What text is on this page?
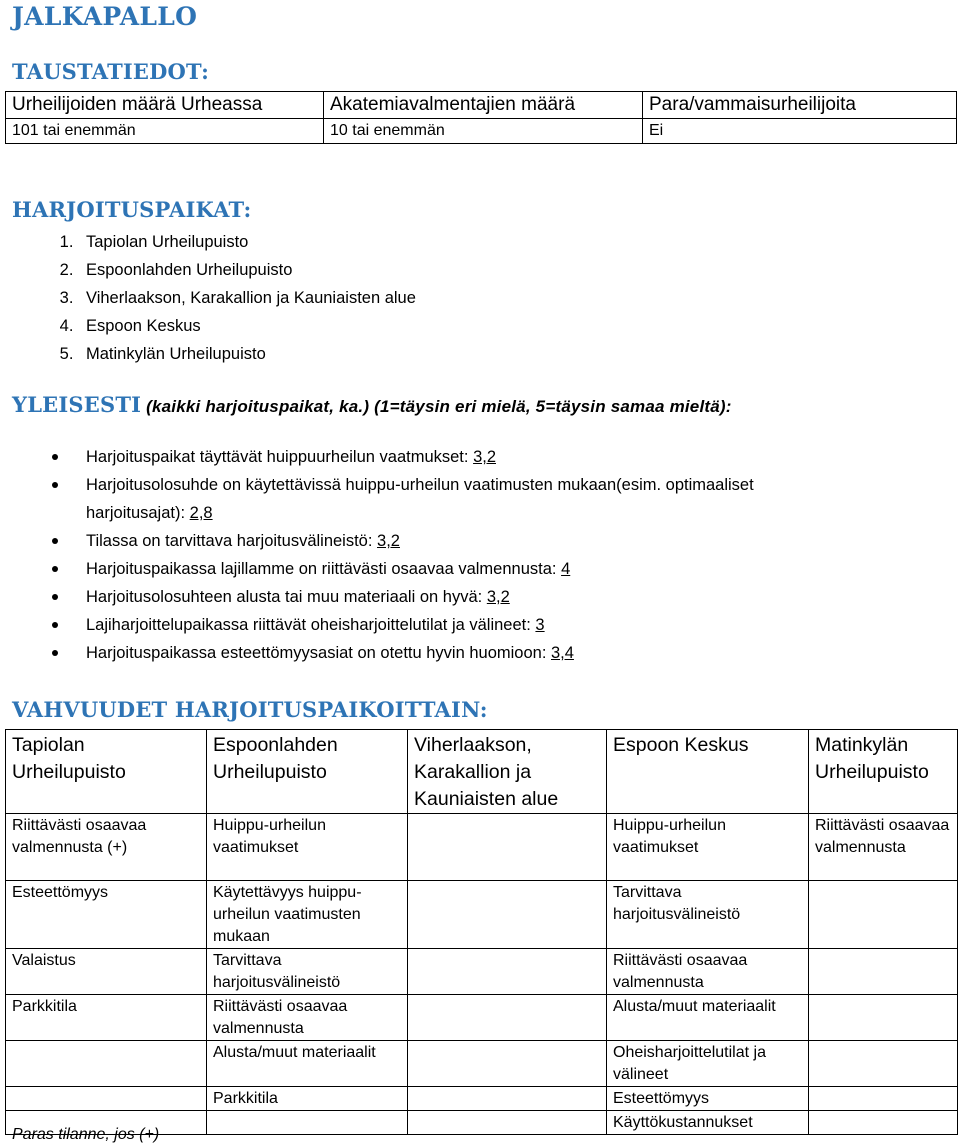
JALKAPALLO
TAUSTATIEDOT:
Urheilijoiden määrä Urheassa	Akatemiavalmentajien määrä	Para/vammaisurheilijoita
101 tai enemmän	10 tai enemmän	Ei
HARJOITUSPAIKAT:
1. Tapiolan Urheilupuisto
2. Espoonlahden Urheilupuisto
3. Viherlaakson, Karakallion ja Kauniaisten alue
4. Espoon Keskus
5. Matinkylän Urheilupuisto
YLEISESTI (kaikki harjoituspaikat, ka.) (1=täysin eri mielä, 5=täysin samaa mieltä):
Harjoituspaikat täyttävät huippuurheilun vaatmukset: 3,2
Harjoitusolosuhde on käytettävissä huippu-urheilun vaatimusten mukaan(esim. optimaaliset harjoitusajat): 2,8
Tilassa on tarvittava harjoitusvälineistö: 3,2
Harjoituspaikassa lajillamme on riittävästi osaavaa valmennusta: 4
Harjoitusolosuhteen alusta tai muu materiaali on hyvä: 3,2
Lajiharjoittelupaikassa riittävät oheisharjoittelutilat ja välineet: 3
Harjoituspaikassa esteettömyysasiat on otettu hyvin huomioon: 3,4
VAHVUUDET HARJOITUSPAIKOITTAIN:
Tapiolan Urheilupuisto	Espoonlahden Urheilupuisto	Viherlaakson, Karakallion ja Kauniaisten alue	Espoon Keskus	Matinkylän Urheilupuisto
Riittävästi osaavaa valmennusta (+)	Huippu-urheilun vaatimukset		Huippu-urheilun vaatimukset	Riittävästi osaavaa valmennusta
Esteettömyys	Käytettävyys huippu-urheilun vaatimusten mukaan		Tarvittava harjoitusvälineistö	
Valaistus	Tarvittava harjoitusvälineistö		Riittävästi osaavaa valmennusta	
Parkkitila	Riittävästi osaavaa valmennusta		Alusta/muut materiaalit	
	Alusta/muut materiaalit		Oheisharjoittelutilat ja välineet	
	Parkkitila		Esteettömyys	
			Käyttökustannukset	
Paras tilanne, jos (+)
